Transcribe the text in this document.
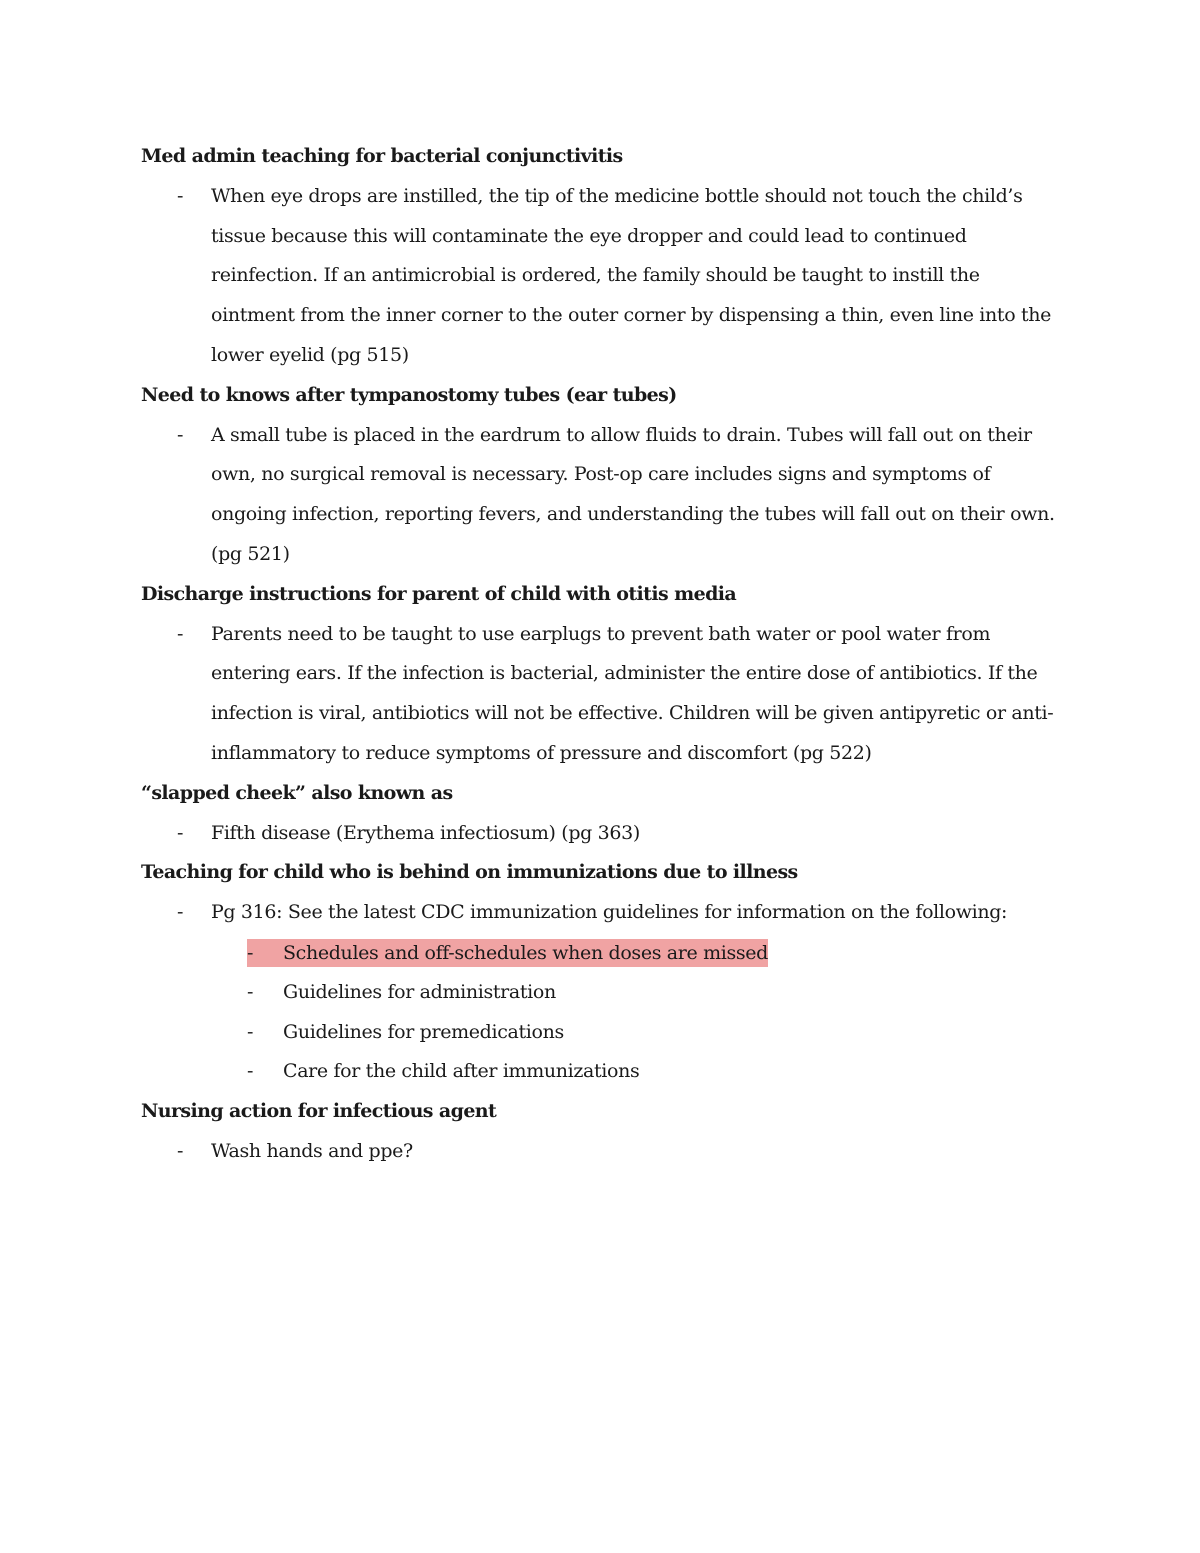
Med admin teaching for bacterial conjunctivitis
-	When eye drops are instilled, the tip of the medicine bottle should not touch the child’s tissue because this will contaminate the eye dropper and could lead to continued reinfection. If an antimicrobial is ordered, the family should be taught to instill the ointment from the inner corner to the outer corner by dispensing a thin, even line into the lower eyelid (pg 515)
Need to knows after tympanostomy tubes (ear tubes)
-	A small tube is placed in the eardrum to allow fluids to drain. Tubes will fall out on their own, no surgical removal is necessary. Post-op care includes signs and symptoms of ongoing infection, reporting fevers, and understanding the tubes will fall out on their own. (pg 521)
Discharge instructions for parent of child with otitis media
-	Parents need to be taught to use earplugs to prevent bath water or pool water from entering ears. If the infection is bacterial, administer the entire dose of antibiotics. If the infection is viral, antibiotics will not be effective. Children will be given antipyretic or anti-inflammatory to reduce symptoms of pressure and discomfort (pg 522)
“slapped cheek” also known as
-	Fifth disease (Erythema infectiosum) (pg 363)
Teaching for child who is behind on immunizations due to illness
-	Pg 316: See the latest CDC immunization guidelines for information on the following:
-	Schedules and off-schedules when doses are missed
-	Guidelines for administration
-	Guidelines for premedications
-	Care for the child after immunizations
Nursing action for infectious agent
-	Wash hands and ppe?
